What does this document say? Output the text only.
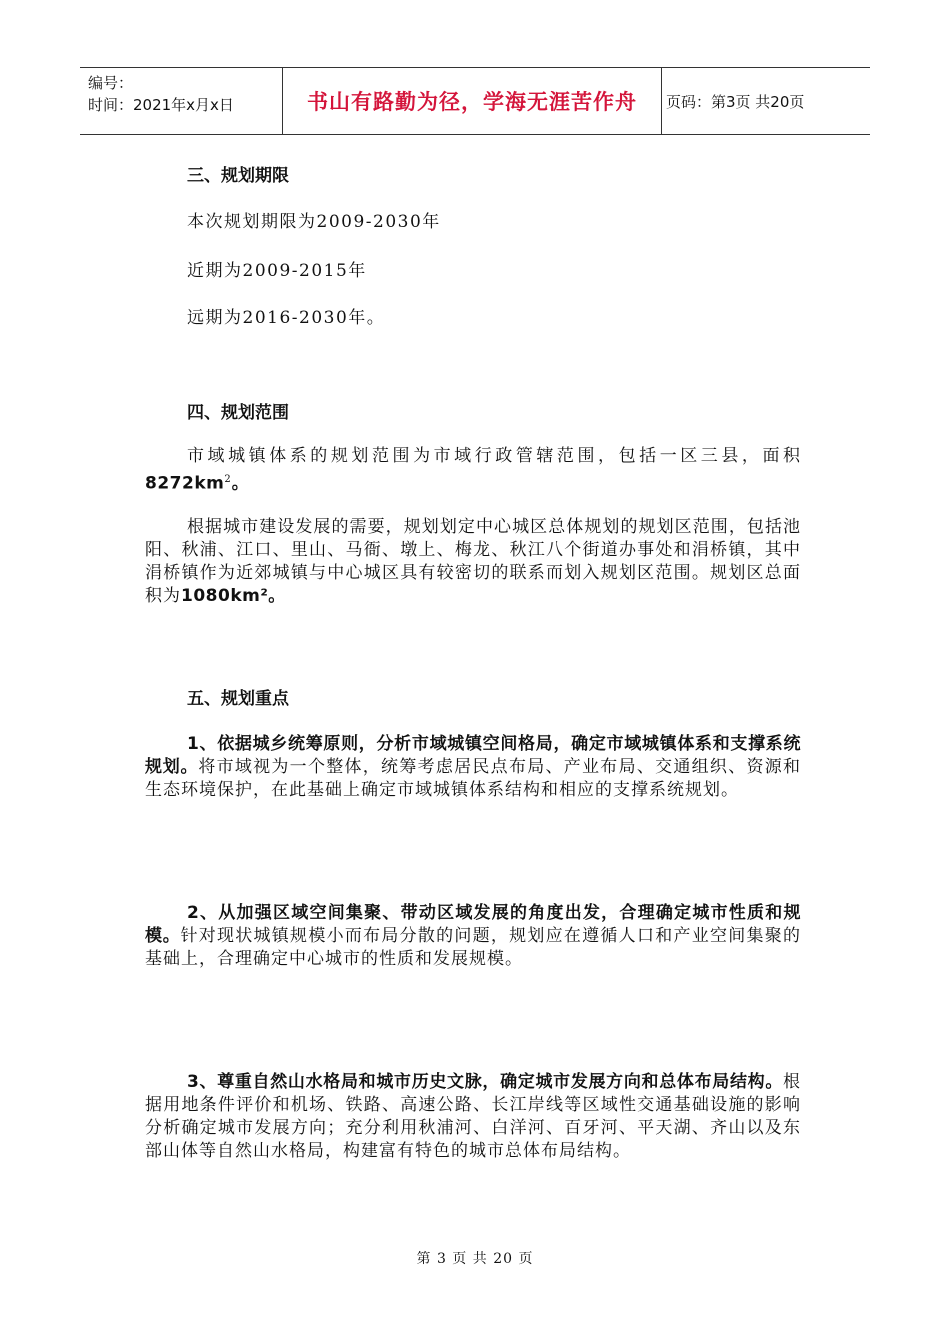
编号：
时间：2021年x月x日	书山有路勤为径，学海无涯苦作舟	页码：第3页 共20页
三、规划期限
本次规划期限为2009-2030年
近期为2009-2015年
远期为2016-2030年。
四、规划范围
市域城镇体系的规划范围为市域行政管辖范围，包括一区三县，面积$8272km^2$。
根据城市建设发展的需要，规划划定中心城区总体规划的规划区范围，包括池阳、秋浦、江口、里山、马衙、墩上、梅龙、秋江八个街道办事处和涓桥镇，其中涓桥镇作为近郊城镇与中心城区具有较密切的联系而划入规划区范围。规划区总面积为1080km²。
五、规划重点
1、依据城乡统筹原则，分析市域城镇空间格局，确定市域城镇体系和支撑系统规划。将市域视为一个整体，统筹考虑居民点布局、产业布局、交通组织、资源和生态环境保护，在此基础上确定市域城镇体系结构和相应的支撑系统规划。
2、从加强区域空间集聚、带动区域发展的角度出发，合理确定城市性质和规模。针对现状城镇规模小而布局分散的问题，规划应在遵循人口和产业空间集聚的基础上，合理确定中心城市的性质和发展规模。
3、尊重自然山水格局和城市历史文脉，确定城市发展方向和总体布局结构。根据用地条件评价和机场、铁路、高速公路、长江岸线等区域性交通基础设施的影响分析确定城市发展方向；充分利用秋浦河、白洋河、百牙河、平天湖、齐山以及东部山体等自然山水格局，构建富有特色的城市总体布局结构。
第 3 页 共 20 页
